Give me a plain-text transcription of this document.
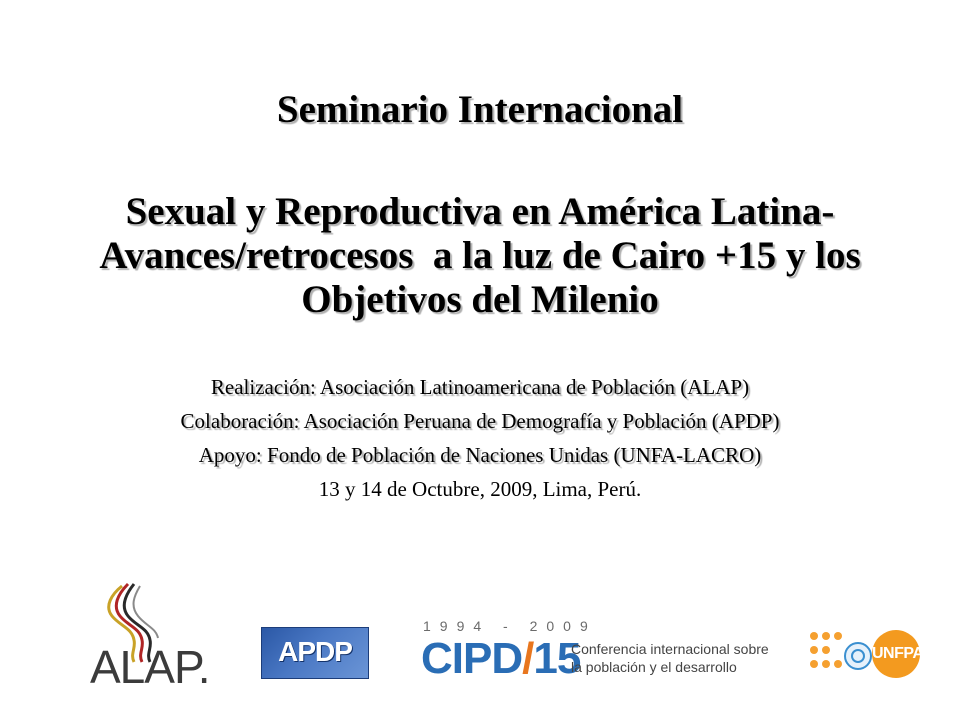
Seminario Internacional
Sexual y Reproductiva en América Latina-
Avances/retrocesos  a la luz de Cairo +15 y los
Objetivos del Milenio
Realización: Asociación Latinoamericana de Población (ALAP)
Colaboración: Asociación Peruana de Demografía y Población (APDP)
Apoyo: Fondo de Población de Naciones Unidas (UNFA-LACRO)
13 y 14 de Octubre, 2009, Lima, Perú.
ALAP.	APDP
1994 - 2009
CIPD/15
Conferencia internacional sobre
la población y el desarrollo
UNFPA
